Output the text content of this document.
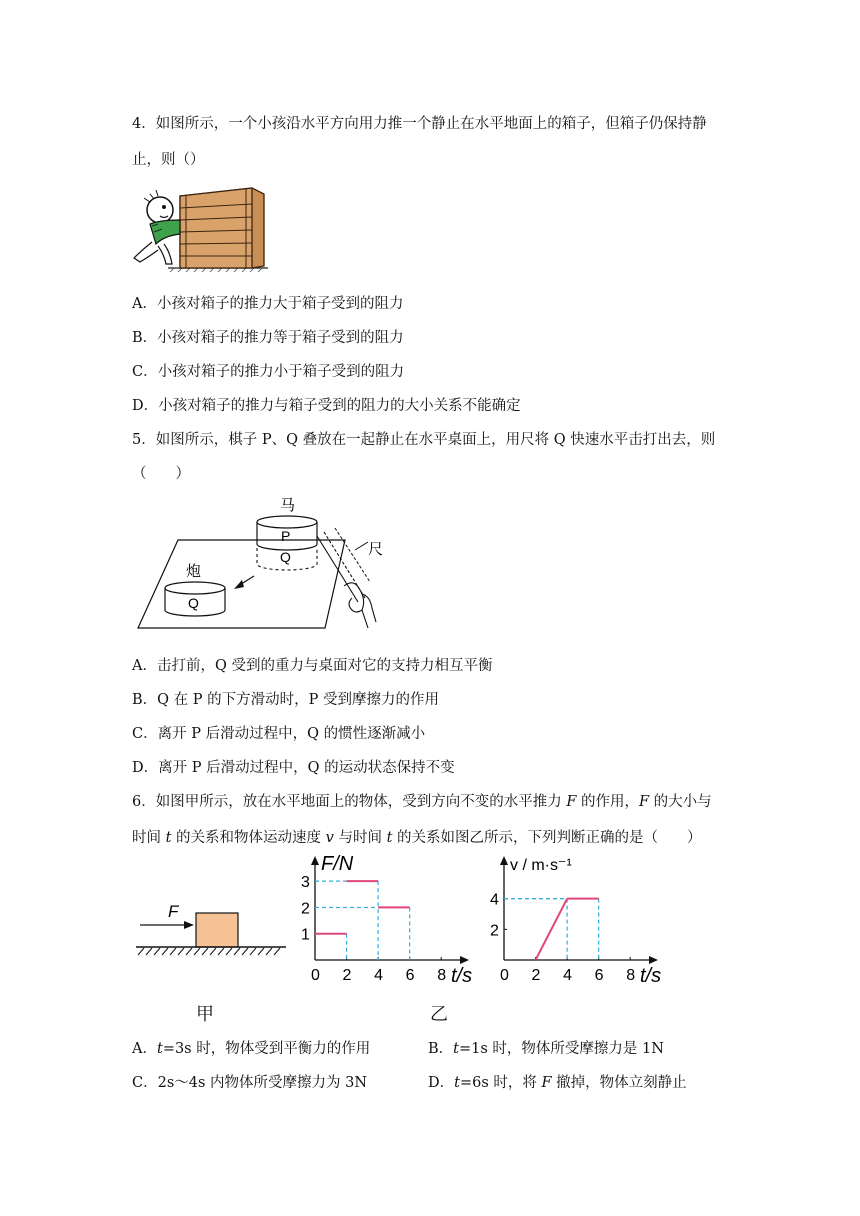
4．如图所示，一个小孩沿水平方向用力推一个静止在水平地面上的箱子，但箱子仍保持静
止，则（）
A．小孩对箱子的推力大于箱子受到的阻力
B．小孩对箱子的推力等于箱子受到的阻力
C．小孩对箱子的推力小于箱子受到的阻力
D．小孩对箱子的推力与箱子受到的阻力的大小关系不能确定
5．如图所示，棋子 P、Q 叠放在一起静止在水平桌面上，用尺将 Q 快速水平击打出去，则
（　　）
马
P
Q	尺
炮
Q
A．击打前，Q 受到的重力与桌面对它的支持力相互平衡
B．Q 在 P 的下方滑动时，P 受到摩擦力的作用
C．离开 P 后滑动过程中，Q 的惯性逐渐减小
D．离开 P 后滑动过程中，Q 的运动状态保持不变
6．如图甲所示，放在水平地面上的物体，受到方向不变的水平推力 F 的作用，F 的大小与
时间 t 的关系和物体运动速度 v 与时间 t 的关系如图乙所示，下列判断正确的是（　　）
F
0 2 4 6 8
1
2
3
F/N
t/s 0 2 4 6 8
2
4
v / m·s⁻¹
t/s
甲	乙
A．t=3s 时，物体受到平衡力的作用	B．t=1s 时，物体所受摩擦力是 1N
C．2s～4s 内物体所受摩擦力为 3N	D．t=6s 时，将 F 撤掉，物体立刻静止
